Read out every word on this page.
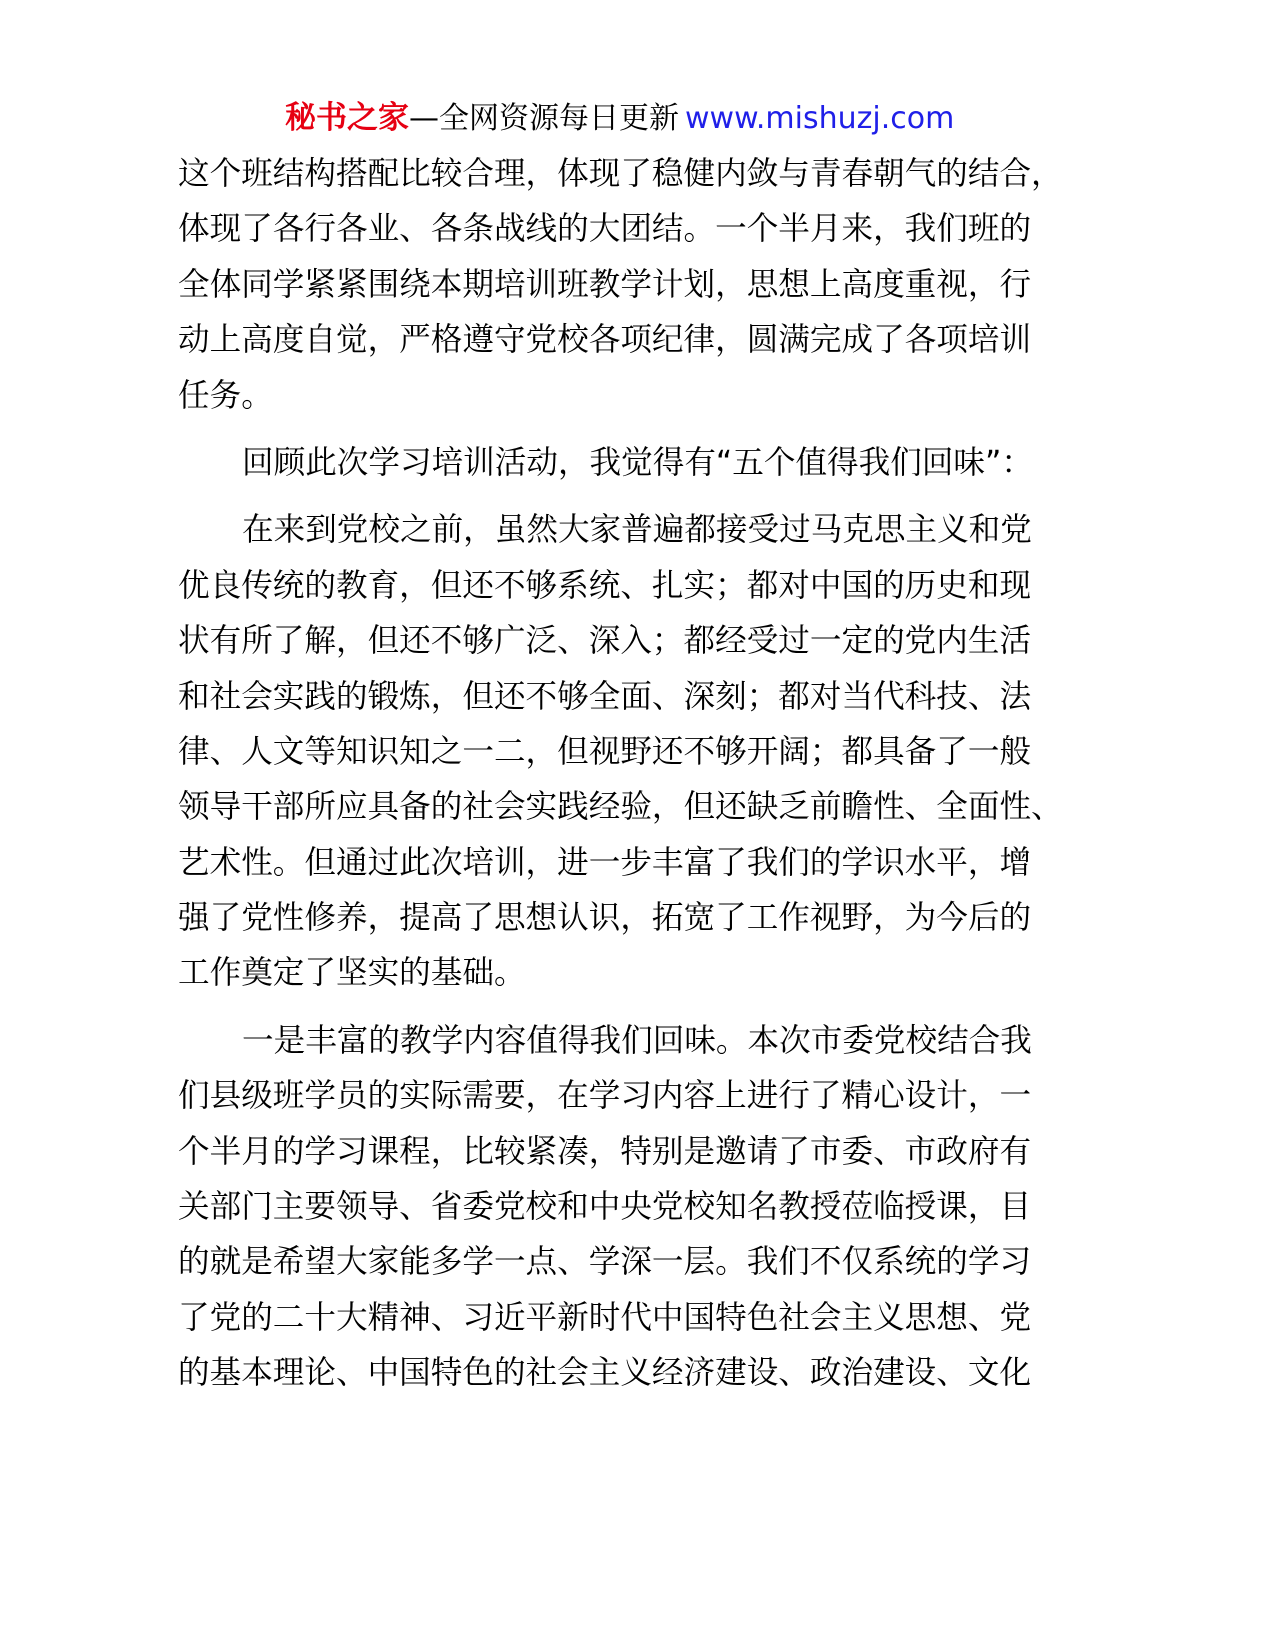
秘书之家—全网资源每日更新 www.mishuzj.com

这个班结构搭配比较合理，体现了稳健内敛与青春朝气的结合，
体现了各行各业、各条战线的大团结。一个半月来，我们班的
全体同学紧紧围绕本期培训班教学计划，思想上高度重视，行
动上高度自觉，严格遵守党校各项纪律，圆满完成了各项培训
任务。

回顾此次学习培训活动，我觉得有“五个值得我们回味”：

在来到党校之前，虽然大家普遍都接受过马克思主义和党
优良传统的教育，但还不够系统、扎实；都对中国的历史和现
状有所了解，但还不够广泛、深入；都经受过一定的党内生活
和社会实践的锻炼，但还不够全面、深刻；都对当代科技、法
律、人文等知识知之一二，但视野还不够开阔；都具备了一般
领导干部所应具备的社会实践经验，但还缺乏前瞻性、全面性、
艺术性。但通过此次培训，进一步丰富了我们的学识水平，增
强了党性修养，提高了思想认识，拓宽了工作视野，为今后的
工作奠定了坚实的基础。

一是丰富的教学内容值得我们回味。本次市委党校结合我
们县级班学员的实际需要，在学习内容上进行了精心设计，一
个半月的学习课程，比较紧凑，特别是邀请了市委、市政府有
关部门主要领导、省委党校和中央党校知名教授莅临授课，目
的就是希望大家能多学一点、学深一层。我们不仅系统的学习
了党的二十大精神、习近平新时代中国特色社会主义思想、党
的基本理论、中国特色的社会主义经济建设、政治建设、文化
